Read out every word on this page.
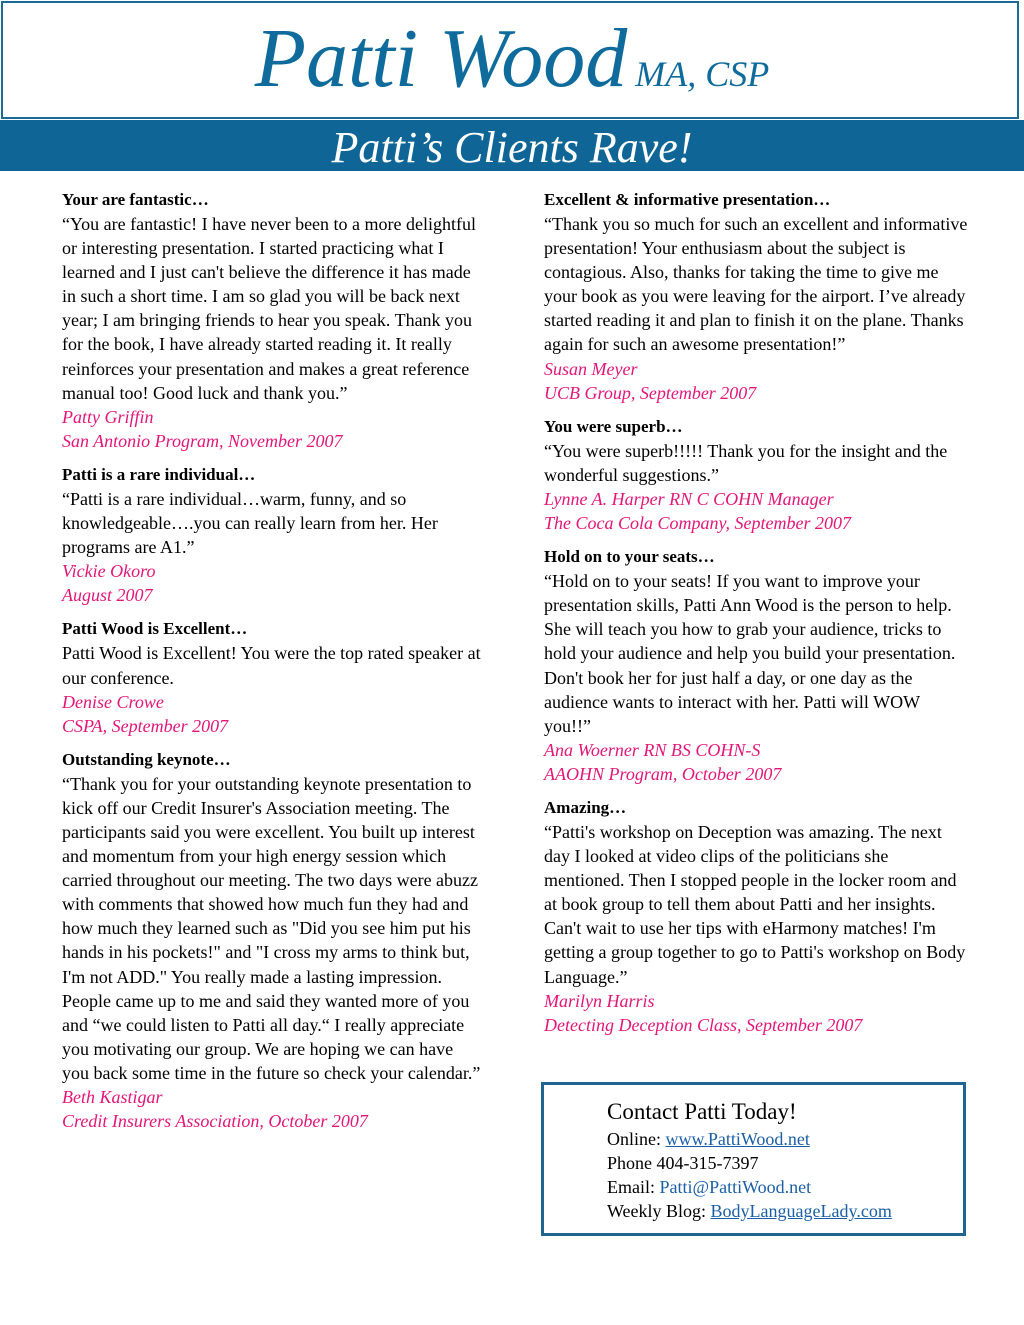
Patti Wood MA, CSP
Patti’s Clients Rave!
Your are fantastic…
“You are fantastic! I have never been to a more delightful or interesting presentation. I started practicing what I learned and I just can't believe the difference it has made in such a short time. I am so glad you will be back next year; I am bringing friends to hear you speak. Thank you for the book, I have already started reading it. It really reinforces your presentation and makes a great reference manual too! Good luck and thank you.”
Patty Griffin
San Antonio Program, November 2007
Patti is a rare individual…
“Patti is a rare individual…warm, funny, and so knowledgeable….you can really learn from her. Her programs are A1.”
Vickie Okoro
August 2007
Patti Wood is Excellent…
Patti Wood is Excellent! You were the top rated speaker at our conference.
Denise Crowe
CSPA, September 2007
Outstanding keynote…
“Thank you for your outstanding keynote presentation to kick off our Credit Insurer's Association meeting. The participants said you were excellent. You built up interest and momentum from your high energy session which carried throughout our meeting. The two days were abuzz with comments that showed how much fun they had and how much they learned such as "Did you see him put his hands in his pockets!" and "I cross my arms to think but, I'm not ADD." You really made a lasting impression. People came up to me and said they wanted more of you and “we could listen to Patti all day.“ I really appreciate you motivating our group. We are hoping we can have you back some time in the future so check your calendar.”
Beth Kastigar
Credit Insurers Association, October 2007
Excellent & informative presentation…
“Thank you so much for such an excellent and informative presentation! Your enthusiasm about the subject is contagious. Also, thanks for taking the time to give me your book as you were leaving for the airport. I’ve already started reading it and plan to finish it on the plane. Thanks again for such an awesome presentation!”
Susan Meyer
UCB Group, September 2007
You were superb…
“You were superb!!!!! Thank you for the insight and the wonderful suggestions.”
Lynne A. Harper RN C COHN Manager
The Coca Cola Company, September 2007
Hold on to your seats…
“Hold on to your seats! If you want to improve your presentation skills, Patti Ann Wood is the person to help. She will teach you how to grab your audience, tricks to hold your audience and help you build your presentation. Don't book her for just half a day, or one day as the audience wants to interact with her. Patti will WOW you!!”
Ana Woerner RN BS COHN-S
AAOHN Program, October 2007
Amazing…
“Patti's workshop on Deception was amazing. The next day I looked at video clips of the politicians she mentioned. Then I stopped people in the locker room and at book group to tell them about Patti and her insights. Can't wait to use her tips with eHarmony matches! I'm getting a group together to go to Patti's workshop on Body Language.”
Marilyn Harris
Detecting Deception Class, September 2007
Contact Patti Today!
Online: www.PattiWood.net
Phone 404-315-7397
Email: Patti@PattiWood.net
Weekly Blog: BodyLanguageLady.com
